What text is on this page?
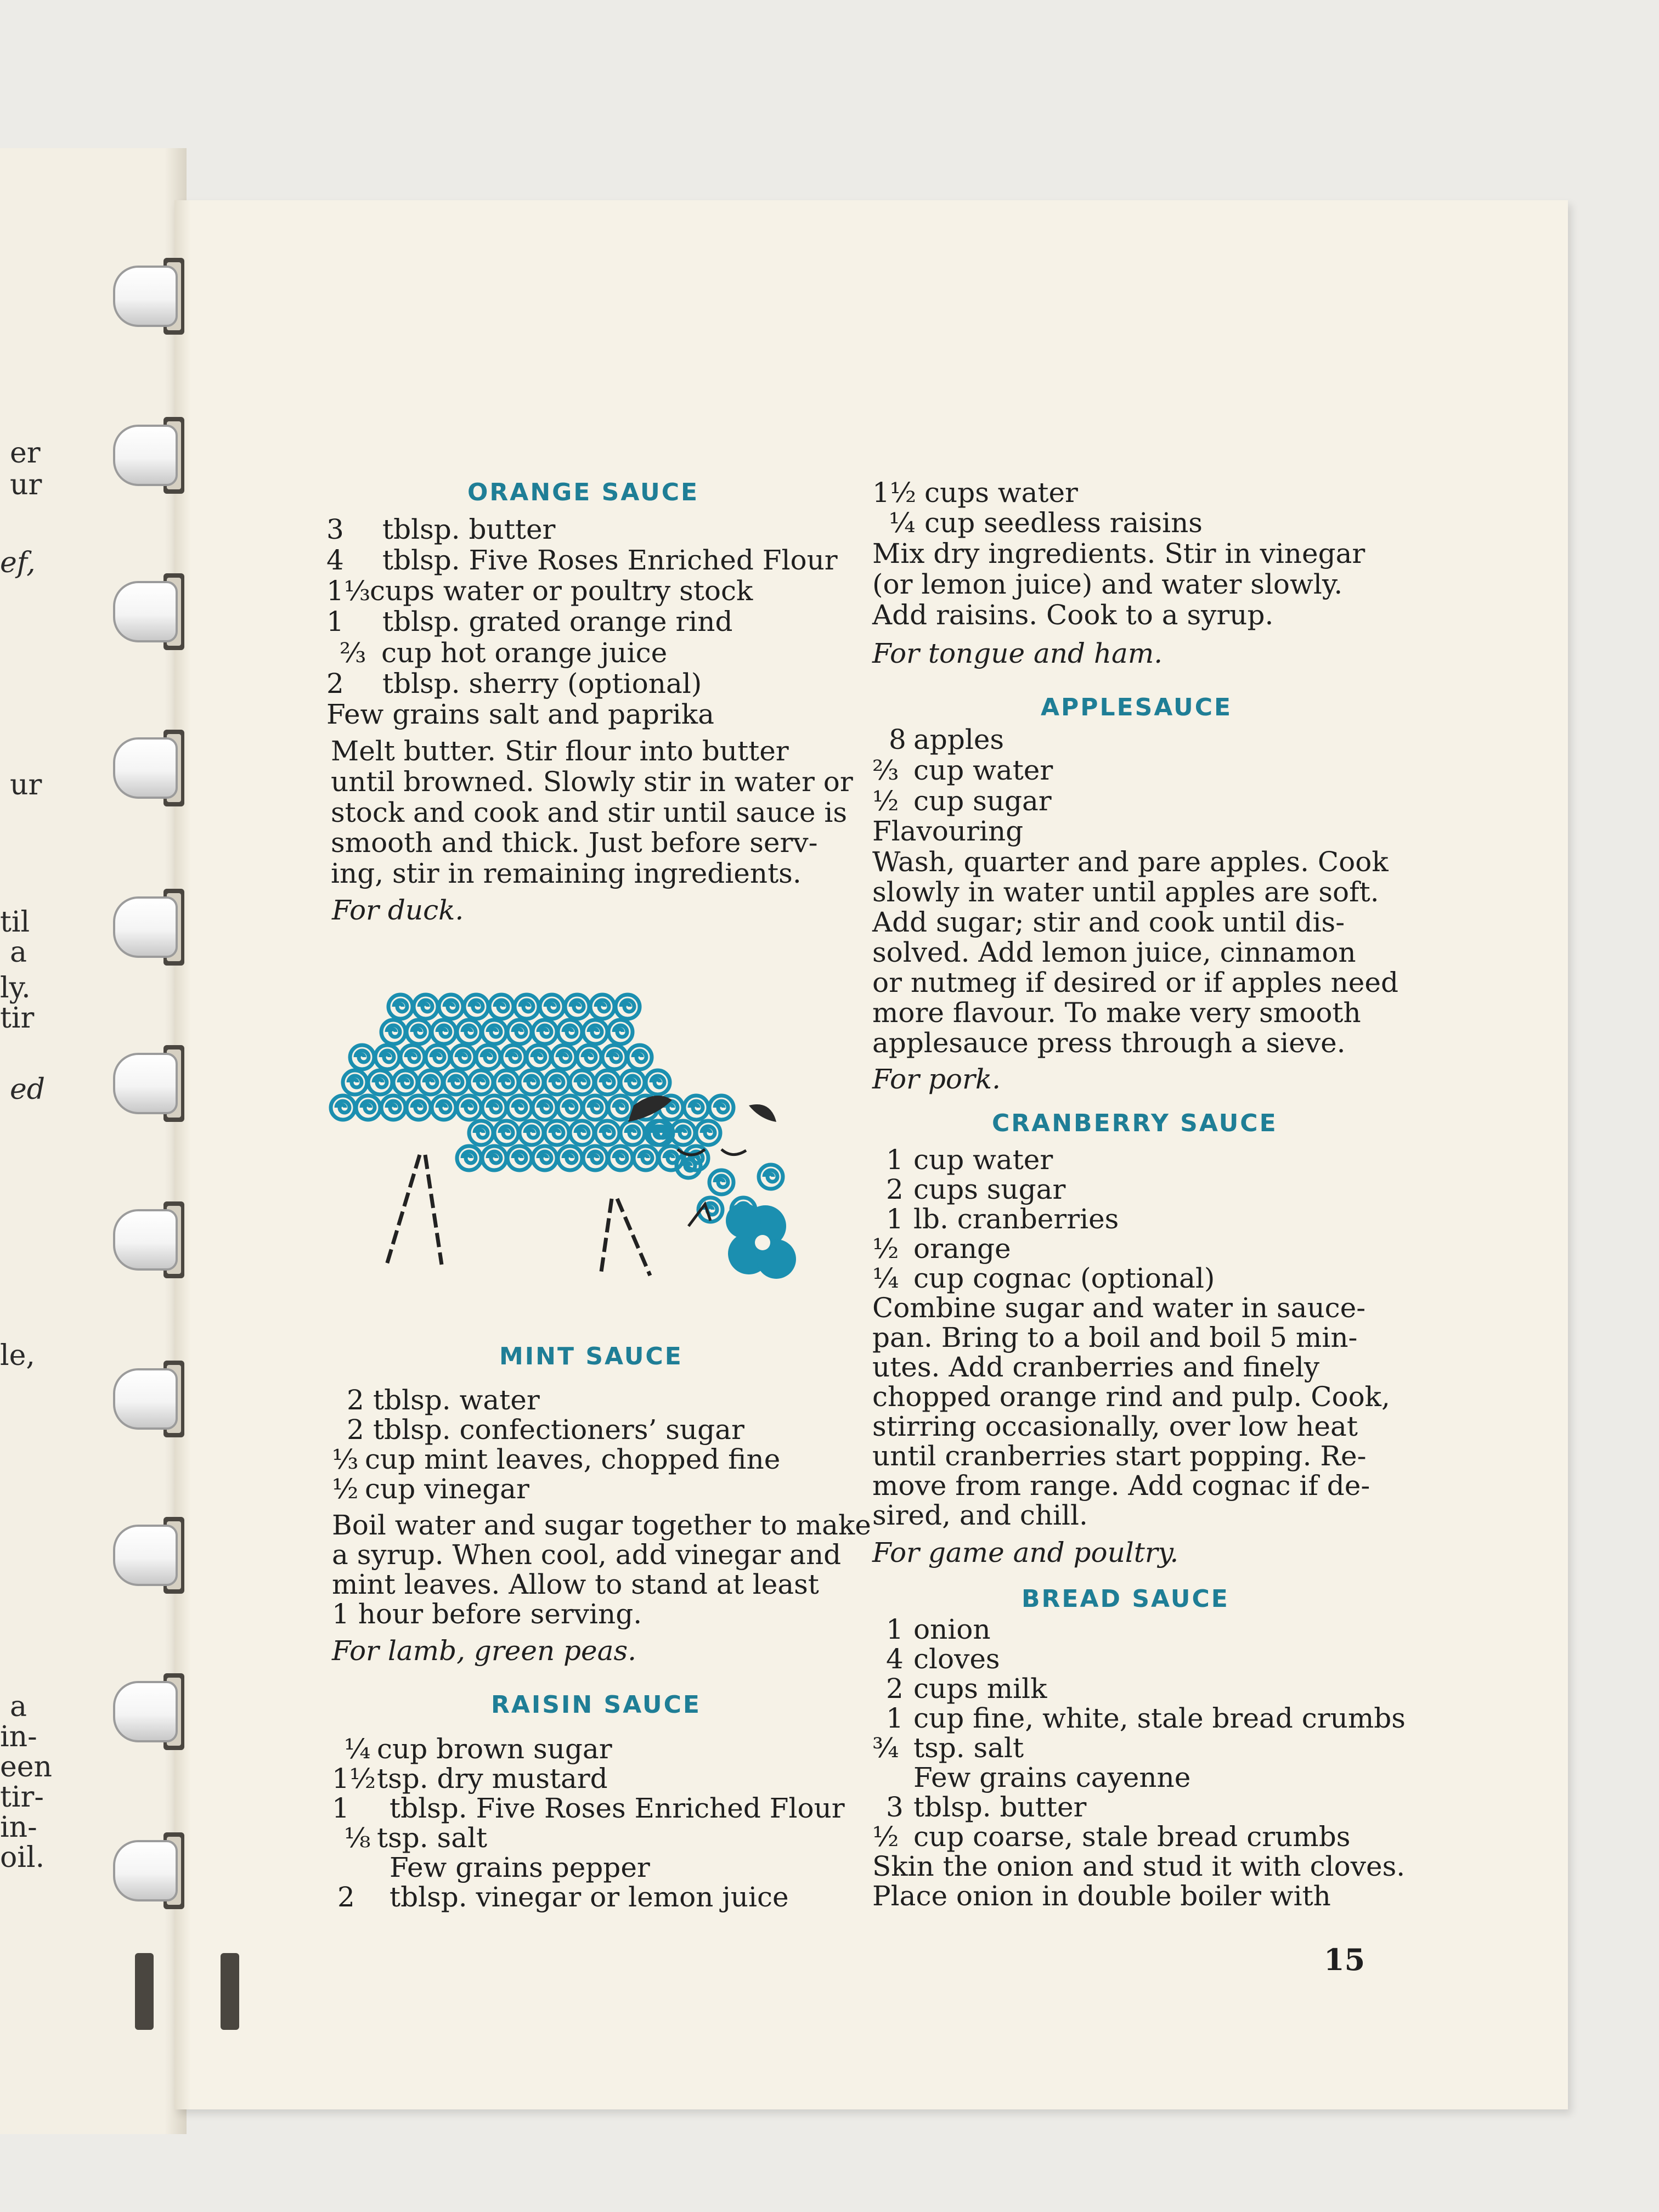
er
ur
ef,
ur
til
a
ly.
tir
ed
le,
a
in-
een
tir-
in-
oil.
ORANGE SAUCE
3 tblsp. butter
4 tblsp. Five Roses Enriched Flour
1⅓
cups water or poultry stock
1 tblsp. grated orange rind
⅔ cup hot orange juice
2 tblsp. sherry (optional)
Few grains salt and paprika
Melt butter. Stir flour into butter
until browned. Slowly stir in water or
stock and cook and stir until sauce is
smooth and thick. Just before serv-
ing, stir in remaining ingredients.
For duck.
MINT SAUCE
2 tblsp. water
2 tblsp. confectioners’ sugar
⅓ cup mint leaves, chopped fine
½ cup vinegar
Boil water and sugar together to make
a syrup. When cool, add vinegar and
mint leaves. Allow to stand at least
1 hour before serving.
For lamb, green peas.
RAISIN SAUCE
¼ cup brown sugar
1½ tsp. dry mustard
1 tblsp. Five Roses Enriched Flour
⅛ tsp. salt
Few grains pepper
2 tblsp. vinegar or lemon juice
1½ cups water
¼ cup seedless raisins
Mix dry ingredients. Stir in vinegar
(or lemon juice) and water slowly.
Add raisins. Cook to a syrup.
For tongue and ham.
APPLESAUCE
8 apples
⅔ cup water
½ cup sugar
Flavouring
Wash, quarter and pare apples. Cook
slowly in water until apples are soft.
Add sugar; stir and cook until dis-
solved. Add lemon juice, cinnamon
or nutmeg if desired or if apples need
more flavour. To make very smooth
applesauce press through a sieve.
For pork.
CRANBERRY SAUCE
1 cup water
2 cups sugar
1 lb. cranberries
½ orange
¼ cup cognac (optional)
Combine sugar and water in sauce-
pan. Bring to a boil and boil 5 min-
utes. Add cranberries and finely
chopped orange rind and pulp. Cook,
stirring occasionally, over low heat
until cranberries start popping. Re-
move from range. Add cognac if de-
sired, and chill.
For game and poultry.
BREAD SAUCE
1 onion
4 cloves
2 cups milk
1 cup fine, white, stale bread crumbs
¾ tsp. salt
Few grains cayenne
3 tblsp. butter
½ cup coarse, stale bread crumbs
Skin the onion and stud it with cloves.
Place onion in double boiler with
15
